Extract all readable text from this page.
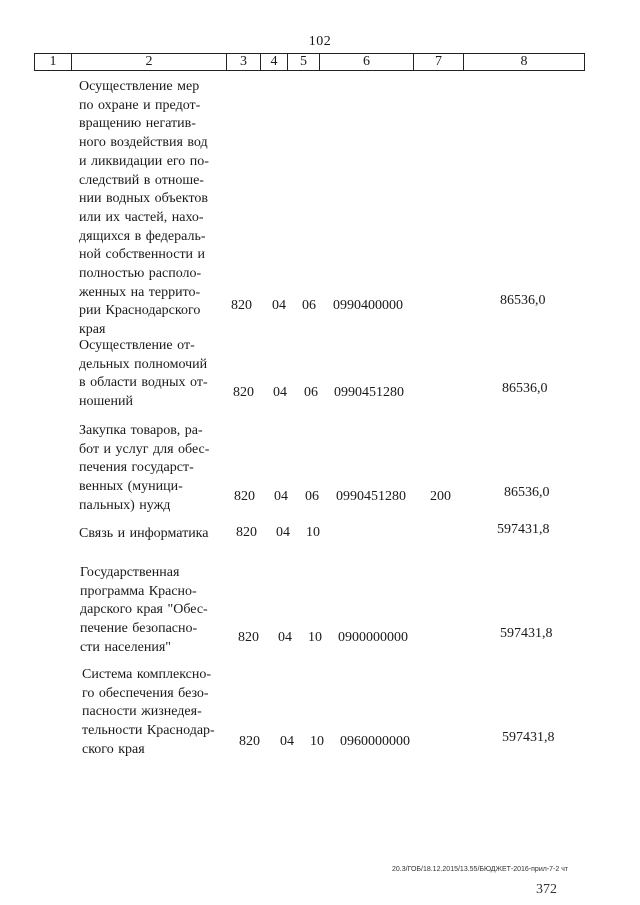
102
1	2	3	4	5	6	7	8
Осуществление мер
по охране и предот-
вращению негатив-
ного воздействия вод
и ликвидации его по-
следствий в отноше-
нии водных объектов
или их частей, нахо-
дящихся в федераль-
ной собственности и
полностью располо-
женных на террито-
рии Краснодарского
края
820 04 06 0990400000	86536,0
Осуществление от-
дельных полномочий
в области водных от-
ношений
820 04 06 0990451280	86536,0
Закупка товаров, ра-
бот и услуг для обес-
печения государст-
венных (муници-
пальных) нужд
820 04 06 0990451280 200	86536,0
Связь и информатика	820 04 10	597431,8
Государственная
программа Красно-
дарского края "Обес-
печение безопасно-
сти населения"
820 04 10 0900000000	597431,8
Система комплексно-
го обеспечения безо-
пасности жизнедея-
тельности Краснодар-
ского края
820 04 10 0960000000	597431,8
20.3/ГОБ/18.12.2015/13.55/БЮДЖЕТ-2016-прил-7-2 чт
372
